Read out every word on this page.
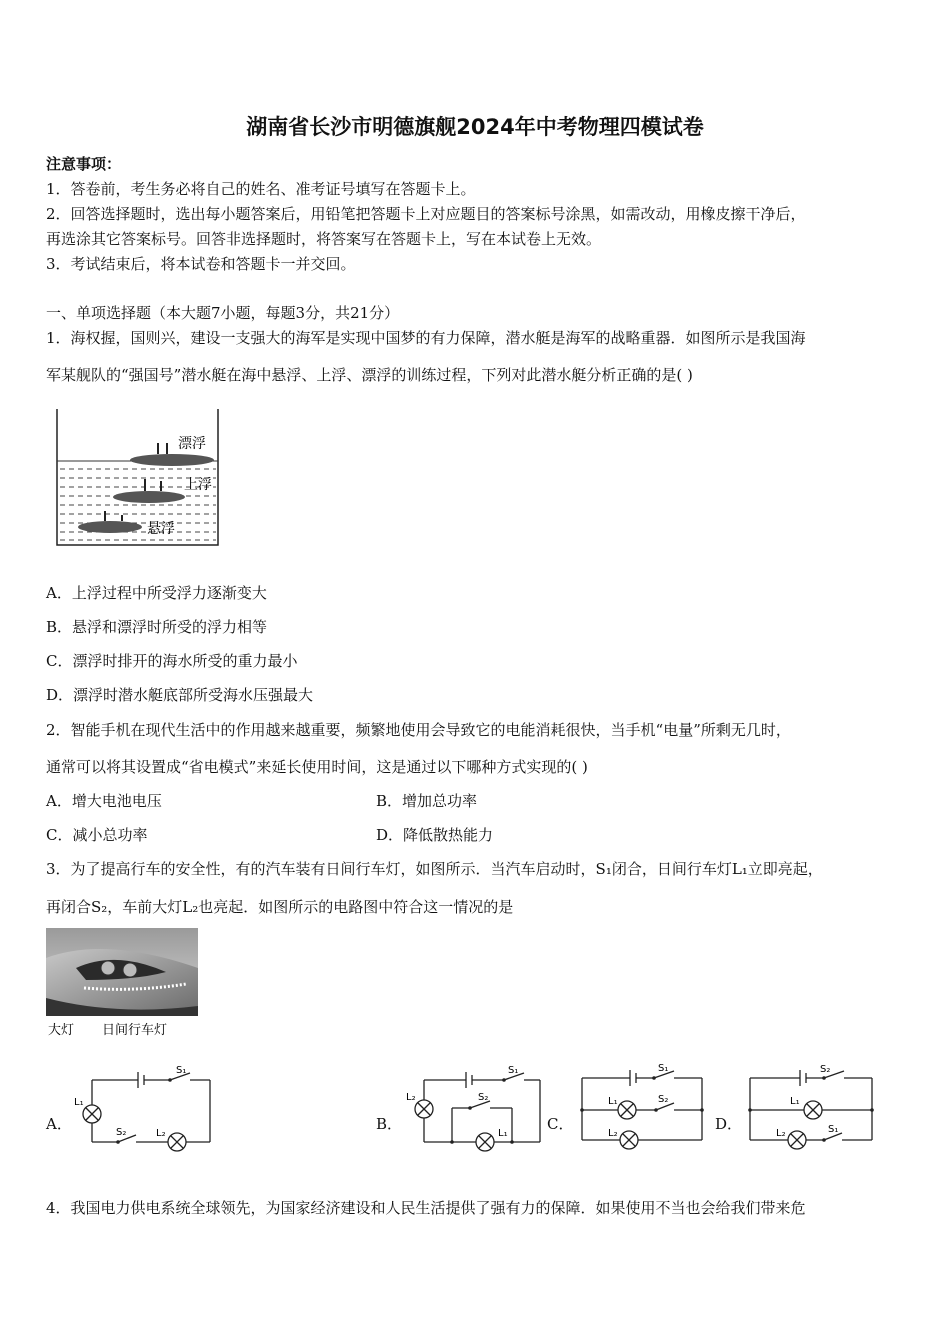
湖南省长沙市明德旗舰2024年中考物理四模试卷
注意事项：
1．答卷前，考生务必将自己的姓名、准考证号填写在答题卡上。
2．回答选择题时，选出每小题答案后，用铅笔把答题卡上对应题目的答案标号涂黑，如需改动，用橡皮擦干净后，
再选涂其它答案标号。回答非选择题时，将答案写在答题卡上，写在本试卷上无效。
3．考试结束后，将本试卷和答题卡一并交回。
一、单项选择题（本大题7小题，每题3分，共21分）
1．海权握，国则兴，建设一支强大的海军是实现中国梦的有力保障，潜水艇是海军的战略重器．如图所示是我国海
军某舰队的“强国号”潜水艇在海中悬浮、上浮、漂浮的训练过程，下列对此潜水艇分析正确的是( )
漂浮
上浮
悬浮
A．上浮过程中所受浮力逐渐变大
B．悬浮和漂浮时所受的浮力相等
C．漂浮时排开的海水所受的重力最小
D．漂浮时潜水艇底部所受海水压强最大
2．智能手机在现代生活中的作用越来越重要，频繁地使用会导致它的电能消耗很快，当手机“电量”所剩无几时，
通常可以将其设置成“省电模式”来延长使用时间，这是通过以下哪种方式实现的( )
A．增大电池电压	B．增加总功率
C．减小总功率	D．降低散热能力
3．为了提高行车的安全性，有的汽车装有日间行车灯，如图所示．当汽车启动时，S₁闭合，日间行车灯L₁立即亮起，
再闭合S₂，车前大灯L₂也亮起．如图所示的电路图中符合这一情况的是
大灯 日间行车灯
A．
S₁
L₁
S₂	L₂
B．
S₁
L₂	S₂
L₁
C．
S₁
L₁	S₂
L₂
D．
S₂
L₁
L₂	S₁
4．我国电力供电系统全球领先，为国家经济建设和人民生活提供了强有力的保障．如果使用不当也会给我们带来危
